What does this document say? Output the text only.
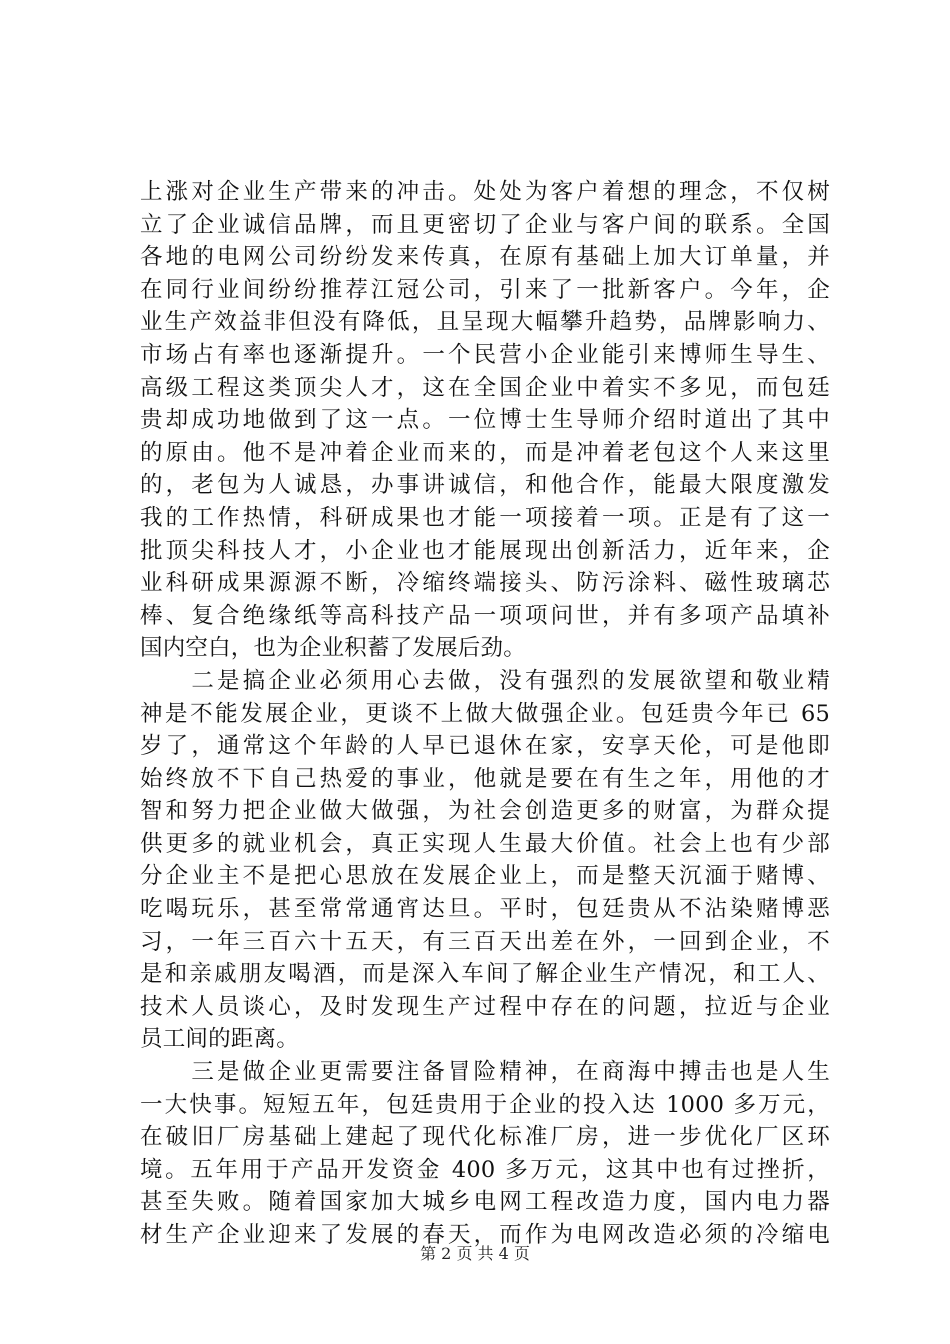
上涨对企业生产带来的冲击。处处为客户着想的理念，不仅树
立了企业诚信品牌，而且更密切了企业与客户间的联系。全国
各地的电网公司纷纷发来传真，在原有基础上加大订单量，并
在同行业间纷纷推荐江冠公司，引来了一批新客户。今年，企
业生产效益非但没有降低，且呈现大幅攀升趋势，品牌影响力、
市场占有率也逐渐提升。一个民营小企业能引来博师生导生、
高级工程这类顶尖人才，这在全国企业中着实不多见，而包廷
贵却成功地做到了这一点。一位博士生导师介绍时道出了其中
的原由。他不是冲着企业而来的，而是冲着老包这个人来这里
的，老包为人诚恳，办事讲诚信，和他合作，能最大限度激发
我的工作热情，科研成果也才能一项接着一项。正是有了这一
批顶尖科技人才，小企业也才能展现出创新活力，近年来，企
业科研成果源源不断，冷缩终端接头、防污涂料、磁性玻璃芯
棒、复合绝缘纸等高科技产品一项项问世，并有多项产品填补
国内空白，也为企业积蓄了发展后劲。
　　二是搞企业必须用心去做，没有强烈的发展欲望和敬业精
神是不能发展企业，更谈不上做大做强企业。包廷贵今年已 65
岁了，通常这个年龄的人早已退休在家，安享天伦，可是他即
始终放不下自己热爱的事业，他就是要在有生之年，用他的才
智和努力把企业做大做强，为社会创造更多的财富，为群众提
供更多的就业机会，真正实现人生最大价值。社会上也有少部
分企业主不是把心思放在发展企业上，而是整天沉湎于赌博、
吃喝玩乐，甚至常常通宵达旦。平时，包廷贵从不沾染赌博恶
习，一年三百六十五天，有三百天出差在外，一回到企业，不
是和亲戚朋友喝酒，而是深入车间了解企业生产情况，和工人、
技术人员谈心，及时发现生产过程中存在的问题，拉近与企业
员工间的距离。
　　三是做企业更需要注备冒险精神，在商海中搏击也是人生
一大快事。短短五年，包廷贵用于企业的投入达 1000 多万元，
在破旧厂房基础上建起了现代化标准厂房，进一步优化厂区环
境。五年用于产品开发资金 400 多万元，这其中也有过挫折，
甚至失败。随着国家加大城乡电网工程改造力度，国内电力器
材生产企业迎来了发展的春天，而作为电网改造必须的冷缩电
第 2 页 共 4 页
